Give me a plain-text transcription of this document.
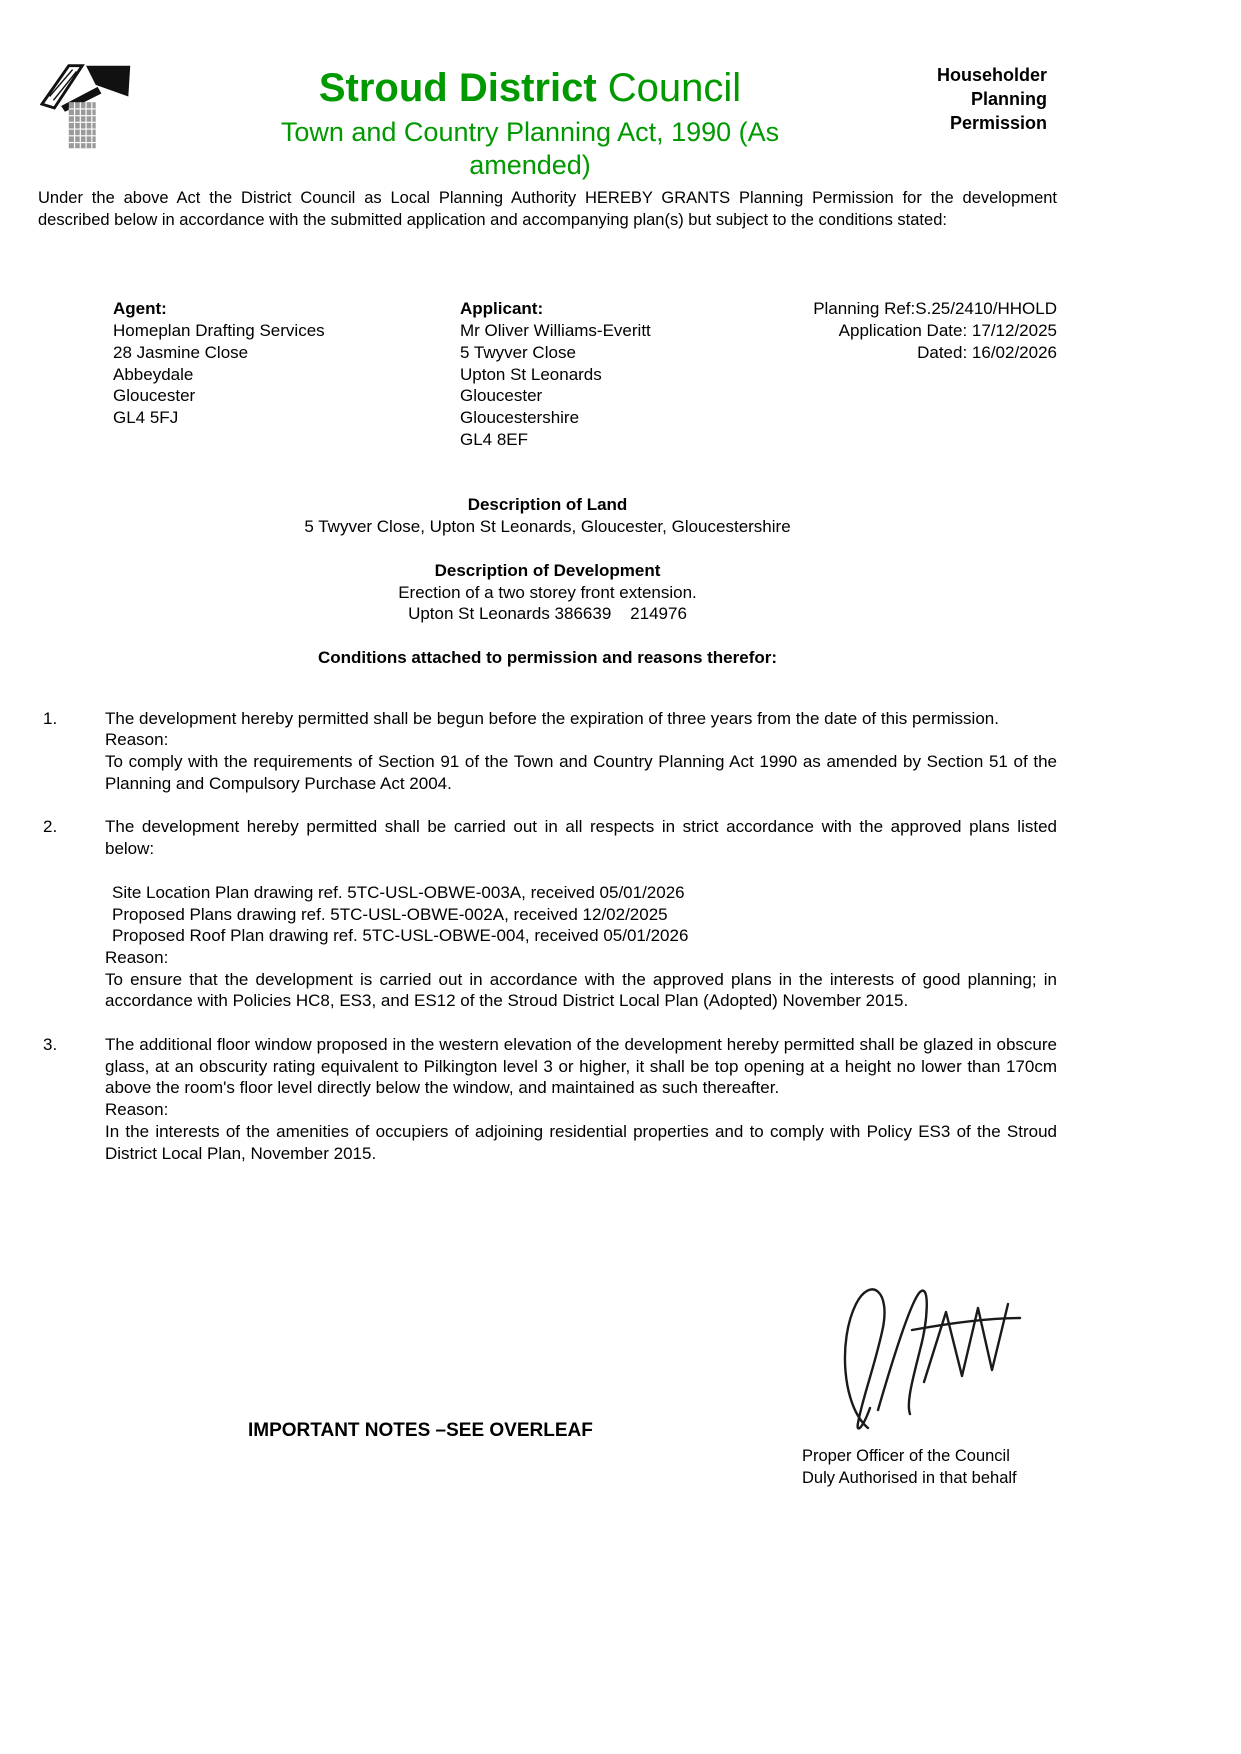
Stroud District Council
Town and Country Planning Act, 1990 (As amended)
Householder Planning Permission

Under the above Act the District Council as Local Planning Authority HEREBY GRANTS Planning Permission for the development described below in accordance with the submitted application and accompanying plan(s) but subject to the conditions stated:

Agent:
Homeplan Drafting Services
28 Jasmine Close
Abbeydale
Gloucester
GL4 5FJ
Applicant:
Mr Oliver Williams-Everitt
5 Twyver Close
Upton St Leonards
Gloucester
Gloucestershire
GL4 8EF
Planning Ref:S.25/2410/HHOLD
Application Date: 17/12/2025
Dated: 16/02/2026
Description of Land
5 Twyver Close, Upton St Leonards, Gloucester, Gloucestershire
Description of Development
Erection of a two storey front extension.
Upton St Leonards 386639    214976
Conditions attached to permission and reasons therefor:
1.	The development hereby permitted shall be begun before the expiration of three years from the date of this permission.

Reason:

To comply with the requirements of Section 91 of the Town and Country Planning Act 1990 as amended by Section 51 of the Planning and Compulsory Purchase Act 2004.

2.	The development hereby permitted shall be carried out in all respects in strict accordance with the approved plans listed below:

Site Location Plan drawing ref. 5TC-USL-OBWE-003A, received 05/01/2026
Proposed Plans drawing ref. 5TC-USL-OBWE-002A, received 12/02/2025
Proposed Roof Plan drawing ref. 5TC-USL-OBWE-004, received 05/01/2026

Reason:

To ensure that the development is carried out in accordance with the approved plans in the interests of good planning; in accordance with Policies HC8, ES3, and ES12 of the Stroud District Local Plan (Adopted) November 2015.

3.	The additional floor window proposed in the western elevation of the development hereby permitted shall be glazed in obscure glass, at an obscurity rating equivalent to Pilkington level 3 or higher, it shall be top opening at a height no lower than 170cm above the room's floor level directly below the window, and maintained as such thereafter.

Reason:

In the interests of the amenities of occupiers of adjoining residential properties and to comply with Policy ES3 of the Stroud District Local Plan, November 2015.

IMPORTANT NOTES –SEE OVERLEAF
Proper Officer of the Council
Duly Authorised in that behalf
